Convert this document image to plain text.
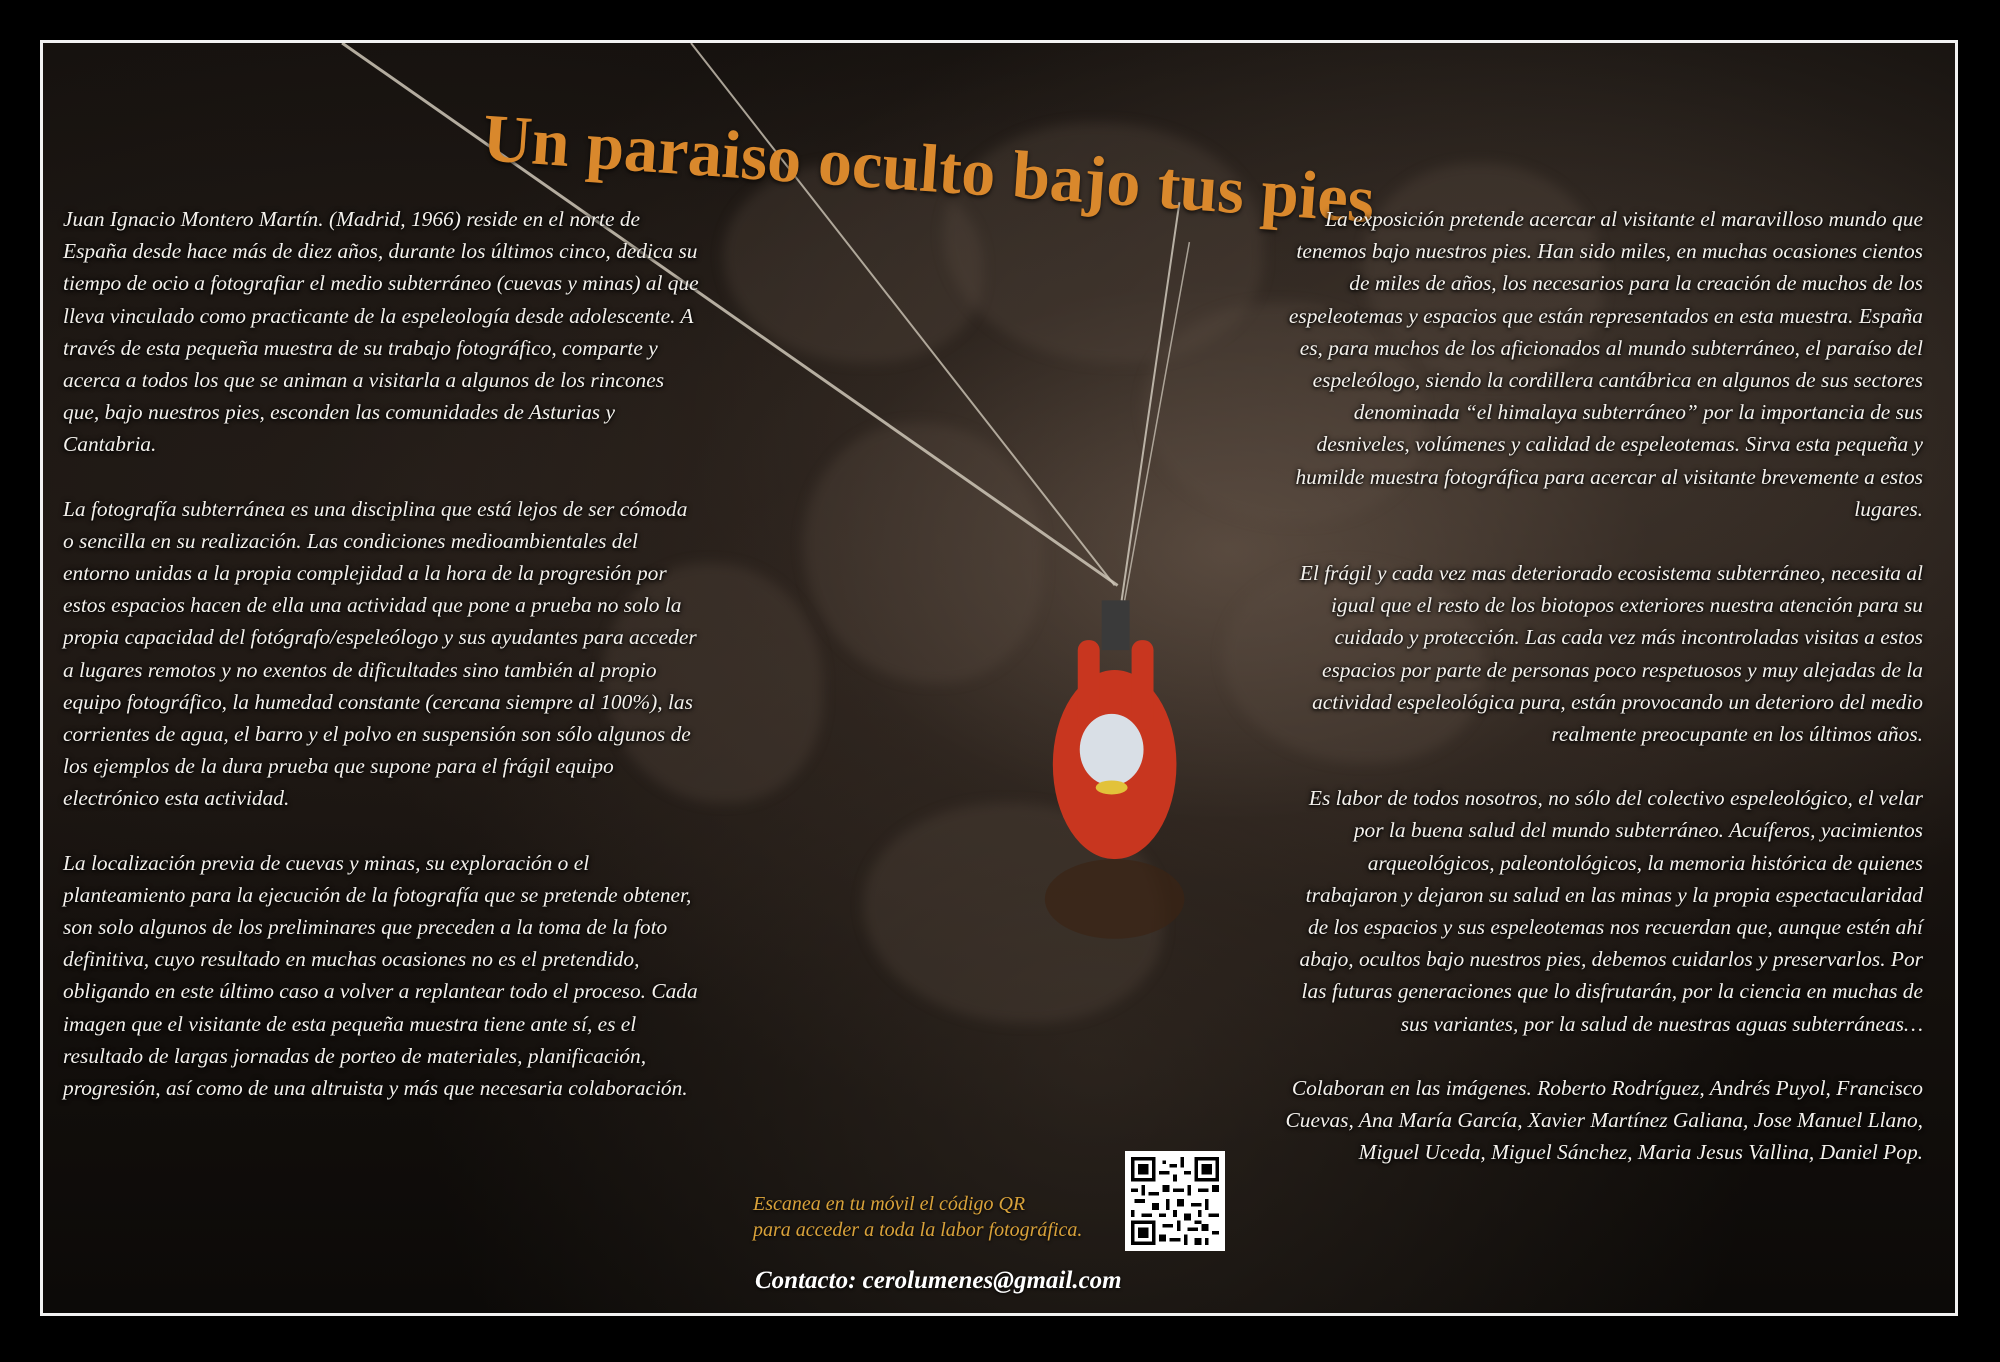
Un paraiso oculto bajo tus pies

Juan Ignacio Montero Martín. (Madrid, 1966) reside en el norte de España desde hace más de diez años, durante los últimos cinco, dedica su tiempo de ocio a fotografiar el medio subterráneo (cuevas y minas) al que lleva vinculado como practicante de la espeleología desde adolescente. A través de esta pequeña muestra de su trabajo fotográfico, comparte y acerca a todos los que se animan a visitarla a algunos de los rincones que, bajo nuestros pies, esconden las comunidades de Asturias y Cantabria.

La fotografía subterránea es una disciplina que está lejos de ser cómoda o sencilla en su realización. Las condiciones medioambientales del entorno unidas a la propia complejidad a la hora de la progresión por estos espacios hacen de ella una actividad que pone a prueba no solo la propia capacidad del fotógrafo/espeleólogo y sus ayudantes para acceder a lugares remotos y no exentos de dificultades sino también al propio equipo fotográfico, la humedad constante (cercana siempre al 100%), las corrientes de agua, el barro y el polvo en suspensión son sólo algunos de los ejemplos de la dura prueba que supone para el frágil equipo electrónico esta actividad.

La localización previa de cuevas y minas, su exploración o el planteamiento para la ejecución de la fotografía que se pretende obtener, son solo algunos de los preliminares que preceden a la toma de la foto definitiva, cuyo resultado en muchas ocasiones no es el pretendido, obligando en este último caso a volver a replantear todo el proceso. Cada imagen que el visitante de esta pequeña muestra tiene ante sí, es el resultado de largas jornadas de porteo de materiales, planificación, progresión, así como de una altruista y más que necesaria colaboración.

La exposición pretende acercar al visitante el maravilloso mundo que tenemos bajo nuestros pies. Han sido miles, en muchas ocasiones cientos de miles de años, los necesarios para la creación de muchos de los espeleotemas y espacios que están representados en esta muestra. España es, para muchos de los aficionados al mundo subterráneo, el paraíso del espeleólogo, siendo la cordillera cantábrica en algunos de sus sectores denominada “el himalaya subterráneo” por la importancia de sus desniveles, volúmenes y calidad de espeleotemas. Sirva esta pequeña y humilde muestra fotográfica para acercar al visitante brevemente a estos lugares.

El frágil y cada vez mas deteriorado ecosistema subterráneo, necesita al igual que el resto de los biotopos exteriores nuestra atención para su cuidado y protección. Las cada vez más incontroladas visitas a estos espacios por parte de personas poco respetuosos y muy alejadas de la actividad espeleológica pura, están provocando un deterioro del medio realmente preocupante en los últimos años.

Es labor de todos nosotros, no sólo del colectivo espeleológico, el velar por la buena salud del mundo subterráneo. Acuíferos, yacimientos arqueológicos, paleontológicos, la memoria histórica de quienes trabajaron y dejaron su salud en las minas y la propia espectacularidad de los espacios y sus espeleotemas nos recuerdan que, aunque estén ahí abajo, ocultos bajo nuestros pies, debemos cuidarlos y preservarlos. Por las futuras generaciones que lo disfrutarán, por la ciencia en muchas de sus variantes, por la salud de nuestras aguas subterráneas…

Colaboran en las imágenes. Roberto Rodríguez, Andrés Puyol, Francisco Cuevas, Ana María García, Xavier Martínez Galiana, Jose Manuel Llano, Miguel Uceda, Miguel Sánchez, Maria Jesus Vallina, Daniel Pop.

Escanea en tu móvil el código QR
para acceder a toda la labor fotográfica.
Contacto: cerolumenes@gmail.com
